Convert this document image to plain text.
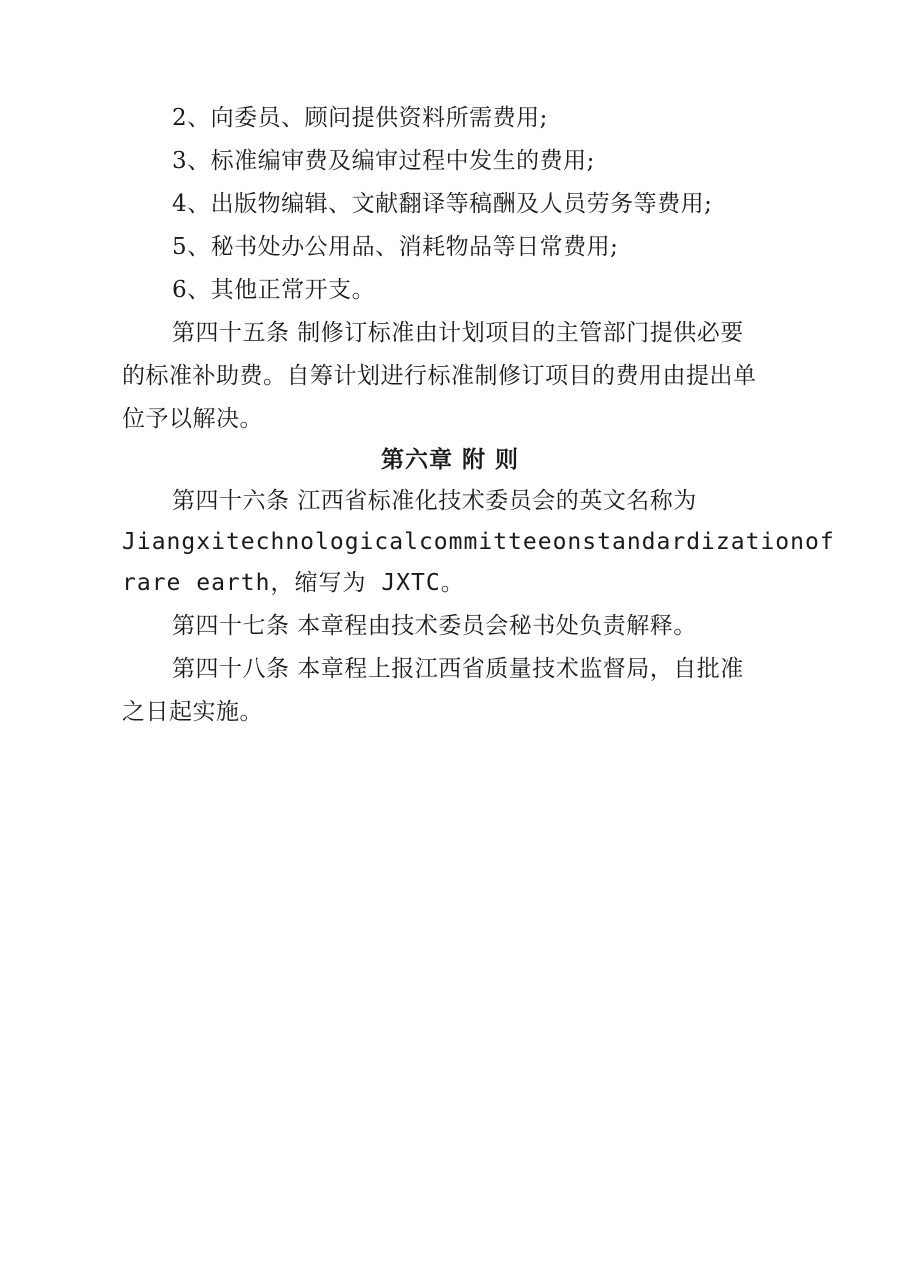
2、向委员、顾问提供资料所需费用;
3、标准编审费及编审过程中发生的费用;
4、出版物编辑、文献翻译等稿酬及人员劳务等费用;
5、秘书处办公用品、消耗物品等日常费用;
6、其他正常开支。
第四十五条 制修订标准由计划项目的主管部门提供必要
的标准补助费。自筹计划进行标准制修订项目的费用由提出单
位予以解决。
第六章 附 则
第四十六条 江西省标准化技术委员会的英文名称为
Jiangxi technological committee on standardization of
rare earth，缩写为 JXTC。
第四十七条 本章程由技术委员会秘书处负责解释。
第四十八条 本章程上报江西省质量技术监督局，自批准
之日起实施。
